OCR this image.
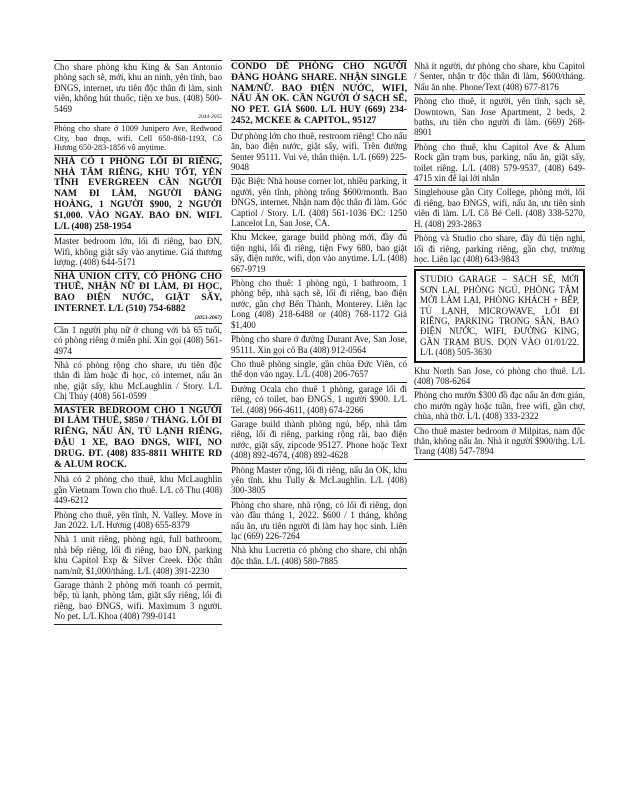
Cho share phòng khu King & San Antonio phòng sạch sẽ, mới, khu an ninh, yên tĩnh, bao ĐNGS, internet, ưu tiên độc thân đi làm, sinh viên, không hút thuốc, tiện xe bus. (408) 500-5469
2044-2055
Phòng cho share ở 1009 Junipero Ave, Redwood City, bao đnqs, wifi. Cell 650-868-1193, Cô Hương 650-283-1856 vô anytime.
NHÀ CÓ 1 PHÒNG LỐI ĐI RIÊNG, NHÀ TẮM RIÊNG, KHU TỐT, YÊN TĨNH EVERGREEN CẦN NGƯỜI NAM ĐI LÀM, NGƯỜI ĐÀNG HOÀNG, 1 NGƯỜI $900, 2 NGƯỜI $1,000. VÀO NGAY. BAO ĐN. WIFI. L/L (408) 258-1954
Master bedroom lớn, lối đi riêng, bao ĐN, Wifi, không giặt sấy vào anytime. Giá thương lượng. (408) 644-5171
NHÀ UNION CITY, CÓ PHÒNG CHO THUÊ, NHẬN NỮ ĐI LÀM, ĐI HỌC, BAO ĐIỆN NƯỚC, GIẶT SẤY, INTERNET. L/L (510) 754-6882
(2053-2067)
Cần 1 người phụ nữ ở chung với bà 65 tuổi, có phòng riêng ở miễn phí. Xin gọi (408) 561-4974
Nhà có phòng rộng cho share, ưu tiên độc thân đi làm hoặc đi học, có internet, nấu ăn nhẹ, giặt sấy, khu McLaughlin / Story. L/L Chị Thủy (408) 561-0599
MASTER BEDROOM CHO 1 NGƯỜI ĐI LÀM THUÊ, $850 / THÁNG. LỐI ĐI RIÊNG, NẤU ĂN, TỦ LẠNH RIÊNG, ĐẬU 1 XE, BAO ĐNGS, WIFI, NO DRUG. ĐT. (408) 835-8811 WHITE RD & ALUM ROCK.
Nhà có 2 phòng cho thuê, khu McLaughlin gần Vietnam Town cho thuê. L/L cô Thu (408) 449-6212
Phòng cho thuê, yên tĩnh, N. Valley. Move in Jan 2022. L/L Hương (408) 655-8379
Nhà 1 unit riêng, phòng ngủ, full bathroom, nhà bếp riêng, lối đi riêng, bao ĐN, parking khu Capitol Exp & Silver Creek. Độc thân nam/nữ, $1,000/tháng. L/L (408) 391-2230
Garage thành 2 phòng mới toanh có permit, bếp, tủ lạnh, phòng tắm, giặt sấy riêng, lối đi riêng, bao ĐNGS, wifi. Maximum 3 người. No pet. L/L Khoa (408) 799-0141
CONDO DỄ PHÒNG CHO NGƯỜI ĐÀNG HOÀNG SHARE. NHẬN SINGLE NAM/NỮ. BAO ĐIỆN NƯỚC, WIFI, NẤU ĂN OK. CẦN NGƯỜI Ở SẠCH SẼ, NO PET. GIÁ $600. L/L HUY (669) 234-2452, MCKEE & CAPITOL, 95127
Dư phòng lớn cho thuê, restroom riêng! Cho nấu ăn, bao điện nước, giặt sấy, wifi. Trên đường Senter 95111. Vui vẻ, thân thiện. L/L (669) 225-9048
Đặc Biệt: Nhà house corner lot, nhiều parking, ít người, yên tĩnh, phòng trống $600/month. Bao ĐNGS, internet. Nhận nam độc thân đi làm. Góc Captiol / Story. L/L (408) 561-1036 ĐC: 1250 Lancelot Ln, San Jose, CA.
Khu Mckee, garage build phòng mới, đầy đủ tiện nghi, lối đi riêng, tiện Fwy 680, bao giặt sấy, điện nước, wifi, dọn vào anytime. L/L (408) 667-9719
Phòng cho thuê: 1 phòng ngủ, 1 bathroom, 1 phòng bếp, nhà sạch sẽ, lối đi riêng, bao điện nước, gần chợ Bến Thành, Monterey. Liên lạc Long (408) 218-6488 or (408) 768-1172 Giá $1,400
Phòng cho share ở đường Durant Ave, San Jose, 95111. Xin gọi cô Ba (408) 912-0564
Cho thuê phòng single, gần chùa Đức Viên, có thể dọn vào ngay. L/L (408) 206-7657
Đường Ocala cho thuê 1 phòng, garage lối đi riêng, có toilet, bao ĐNGS, 1 người $900. L/L Tel. (408) 966-4611, (408) 674-2266
Garage build thành phòng ngủ, bếp, nhà tắm riêng, lối đi riêng, parking rộng rãi, bao điện nước, giặt sấy, zipcode 95127. Phone hoặc Text (408) 892-4674, (408) 892-4628
Phòng Master rộng, lối đi riêng, nấu ăn OK, khu yên tĩnh. khu Tully & McLaughlin. L/L (408) 300-3805
Phòng cho share, nhà rộng, có lối đi riêng, dọn vào đầu tháng 1, 2022. $600 / 1 tháng, không nấu ăn, ưu tiên người đi làm hay học sinh. Liên lạc (669) 226-7264
Nhà khu Lucretia có phòng cho share, chỉ nhận độc thân. L/L (408) 580-7885
Nhà ít người, dư phòng cho share, khu Capitol / Senter, nhận tr độc thân đi làm, $600/tháng. Nấu ăn nhẹ. Phone/Text (408) 677-8176
Phòng cho thuê, ít người, yên tĩnh, sạch sẽ, Downtown, San Jose Apartment, 2 beds, 2 baths, ưu tiên cho người đi làm. (669) 268-8901
Phòng cho thuê, khu Capitol Ave & Alum Rock gần trạm bus, parking, nấu ăn, giặt sấy, toilet riêng. L/L (408) 579-9537, (408) 649-4715 xin để lại lời nhắn
Singlehouse gần City College, phòng mới, lối đi riêng, bao ĐNGS, wifi, nấu ăn, ưu tiên sinh viên đi làm. L/L Cô Bé Cell. (408) 338-5270, H. (408) 293-2863
Phòng và Studio cho share, đầy đủ tiện nghi, lối đi riêng, parking riêng, gần chợ, trường học. Liên lạc (408) 643-9843
STUDIO GARAGE – SẠCH SẼ, MỚI SƠN LẠI, PHÒNG NGỦ, PHÒNG TẮM MỚI LÀM LẠI, PHÒNG KHÁCH + BẾP, TỦ LẠNH, MICROWAVE, LỐI ĐI RIÊNG, PARKING TRONG SÂN, BAO ĐIỆN NƯỚC, WIFI, ĐƯỜNG KING, GẦN TRẠM BUS. DỌN VÀO 01/01/22. L/L (408) 505-3630
Khu North San Jose, có phòng cho thuê. L/L (408) 708-6264
Phòng cho mướn $300 đồ đạc nấu ăn đơn giản, cho mướn ngày hoặc tuần, free wifi, gần chợ, chùa, nhà thờ. L/L (408) 333-2322
Cho thuê master bedroom ở Milpitas, nam độc thân, không nấu ăn. Nhà ít người $900/thg. L/L Trang (408) 547-7894
